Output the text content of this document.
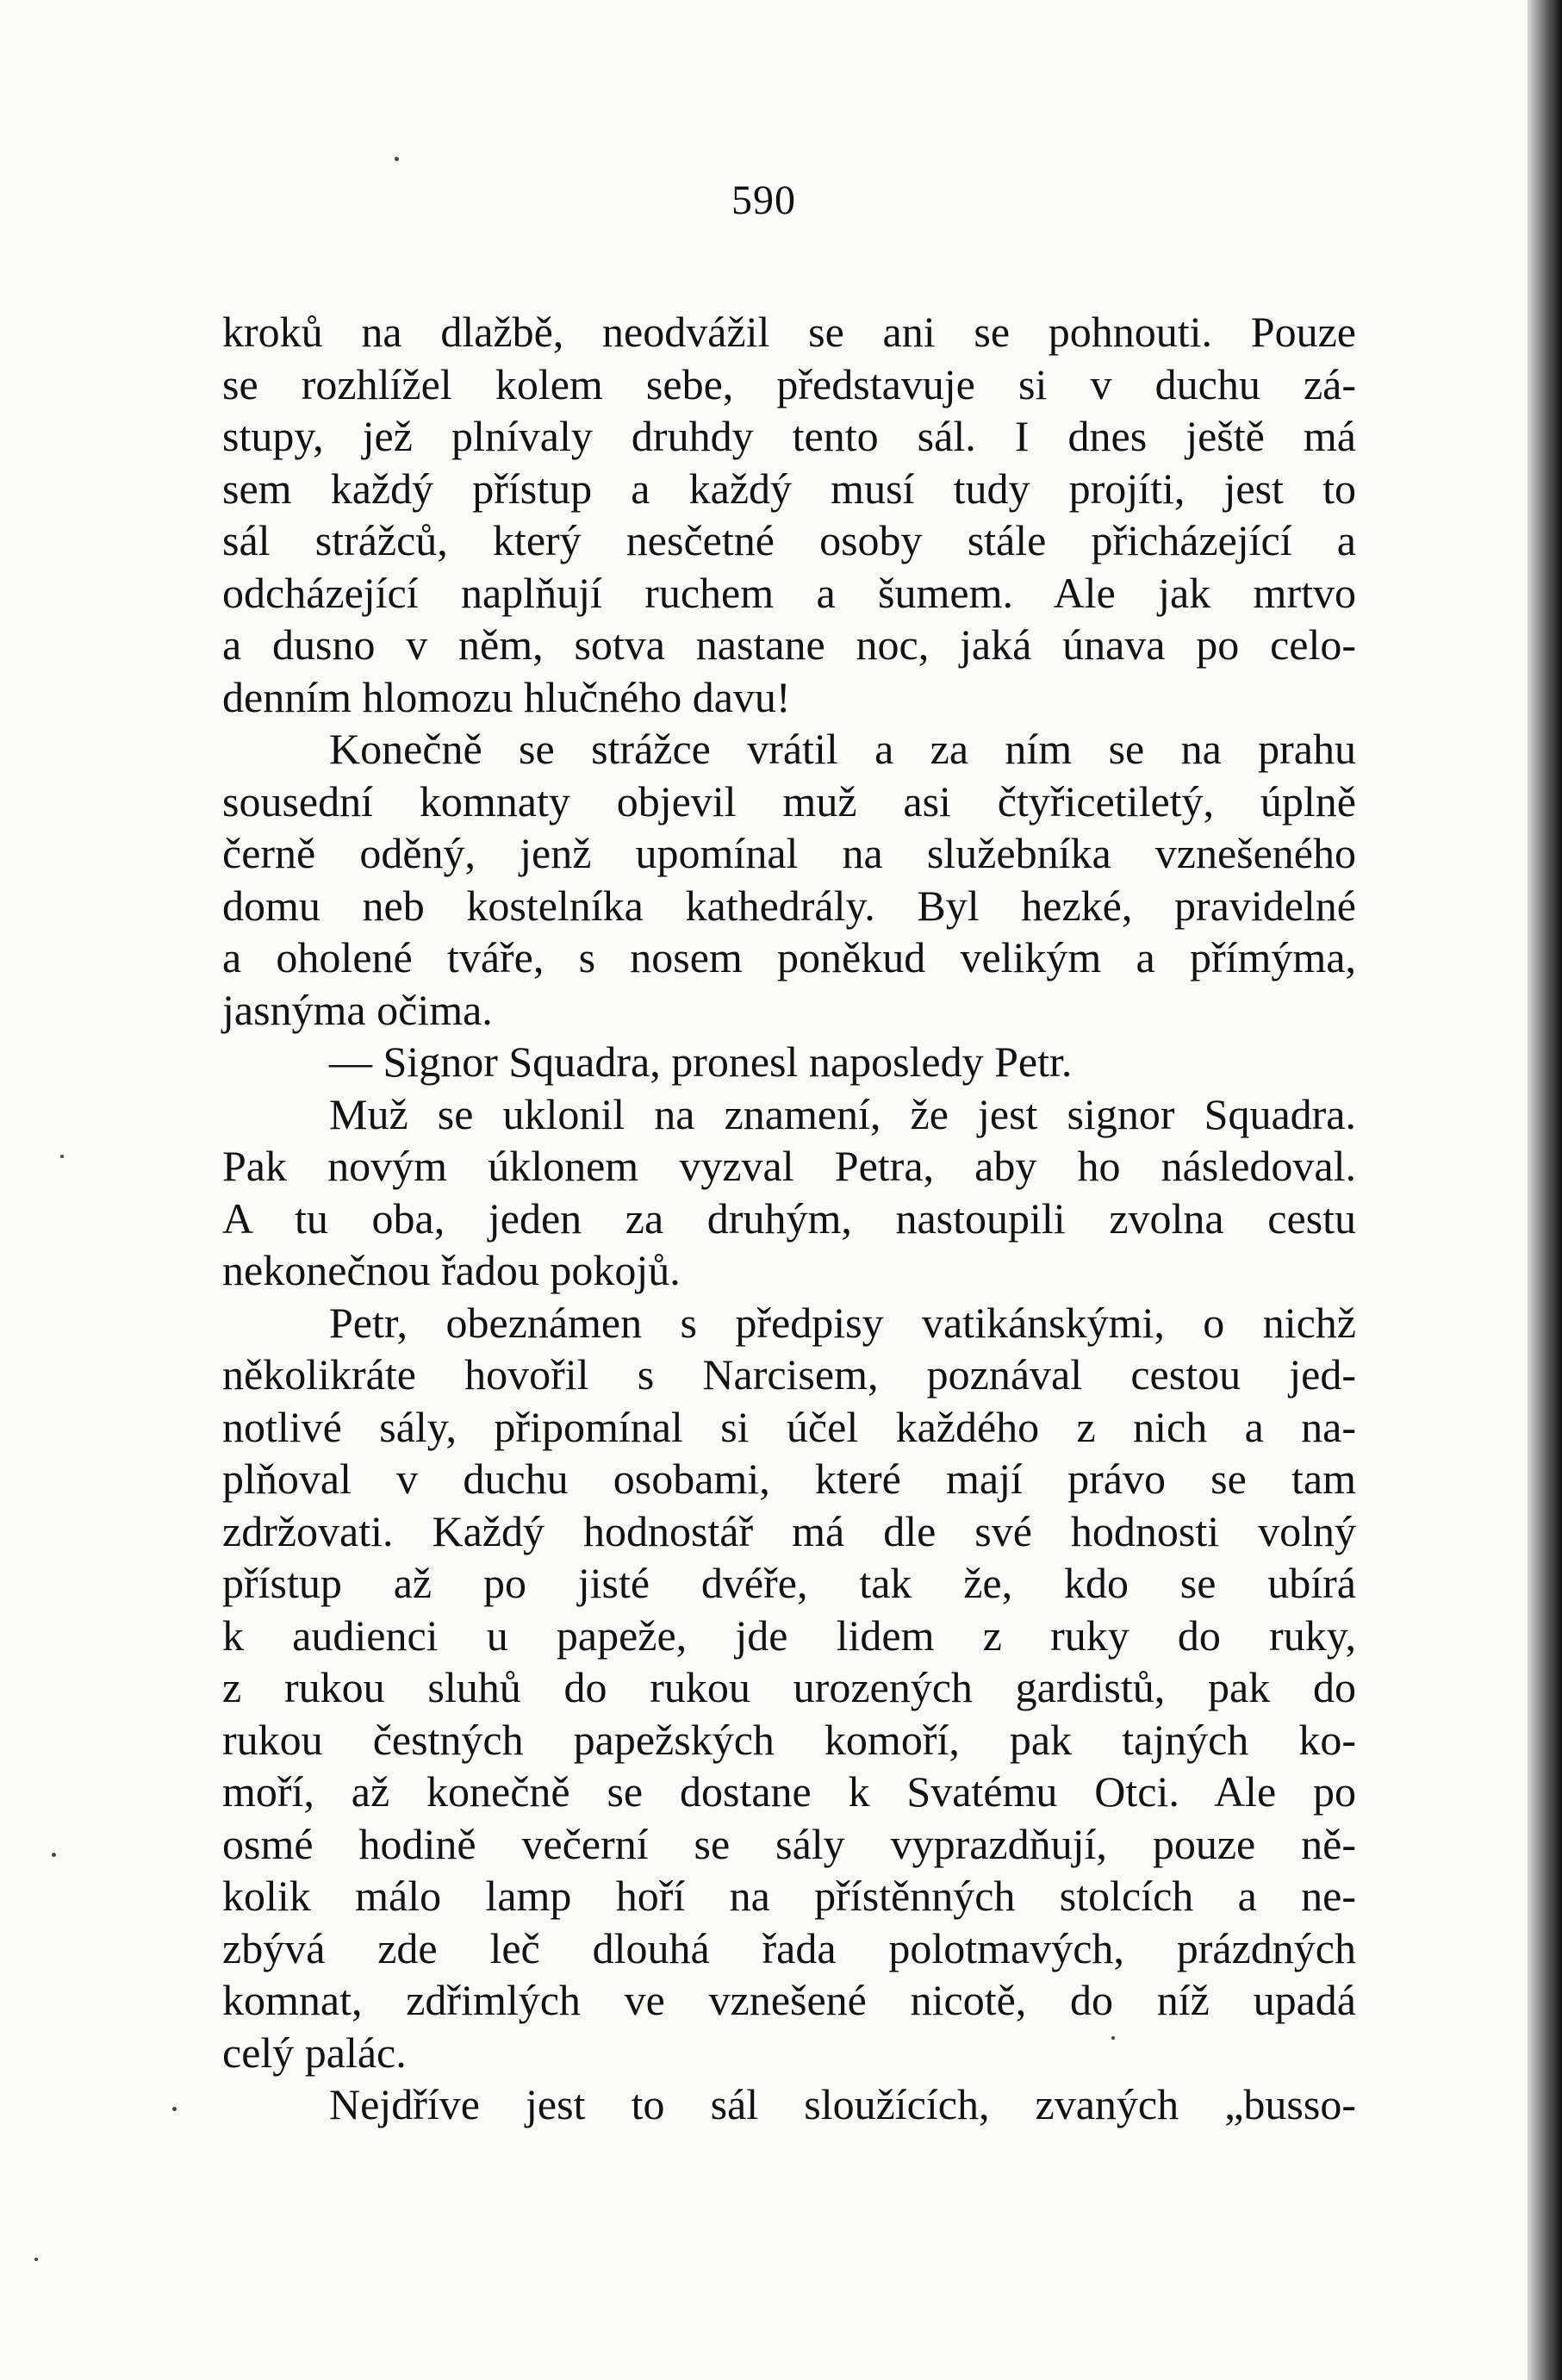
590
kroků na dlažbě, neodvážil se ani se pohnouti. Pouze
se rozhlížel kolem sebe, představuje si v duchu zá-
stupy, jež plnívaly druhdy tento sál. I dnes ještě má
sem každý přístup a každý musí tudy projíti, jest to
sál strážců, který nesčetné osoby stále přicházející a
odcházející naplňují ruchem a šumem. Ale jak mrtvo
a dusno v něm, sotva nastane noc, jaká únava po celo-
denním hlomozu hlučného davu!
Konečně se strážce vrátil a za ním se na prahu
sousední komnaty objevil muž asi čtyřicetiletý, úplně
černě oděný, jenž upomínal na služebníka vznešeného
domu neb kostelníka kathedrály. Byl hezké, pravidelné
a oholené tváře, s nosem poněkud velikým a přímýma,
jasnýma očima.
— Signor Squadra, pronesl naposledy Petr.
Muž se uklonil na znamení, že jest signor Squadra.
Pak novým úklonem vyzval Petra, aby ho následoval.
A tu oba, jeden za druhým, nastoupili zvolna cestu
nekonečnou řadou pokojů.
Petr, obeznámen s předpisy vatikánskými, o nichž
několikráte hovořil s Narcisem, poznával cestou jed-
notlivé sály, připomínal si účel každého z nich a na-
plňoval v duchu osobami, které mají právo se tam
zdržovati. Každý hodnostář má dle své hodnosti volný
přístup až po jisté dvéře, tak že, kdo se ubírá
k audienci u papeže, jde lidem z ruky do ruky,
z rukou sluhů do rukou urozených gardistů, pak do
rukou čestných papežských komoří, pak tajných ko-
moří, až konečně se dostane k Svatému Otci. Ale po
osmé hodině večerní se sály vyprazdňují, pouze ně-
kolik málo lamp hoří na přístěnných stolcích a ne-
zbývá zde leč dlouhá řada polotmavých, prázdných
komnat, zdřimlých ve vznešené nicotě, do níž upadá
celý palác.
Nejdříve jest to sál sloužících, zvaných „busso-
